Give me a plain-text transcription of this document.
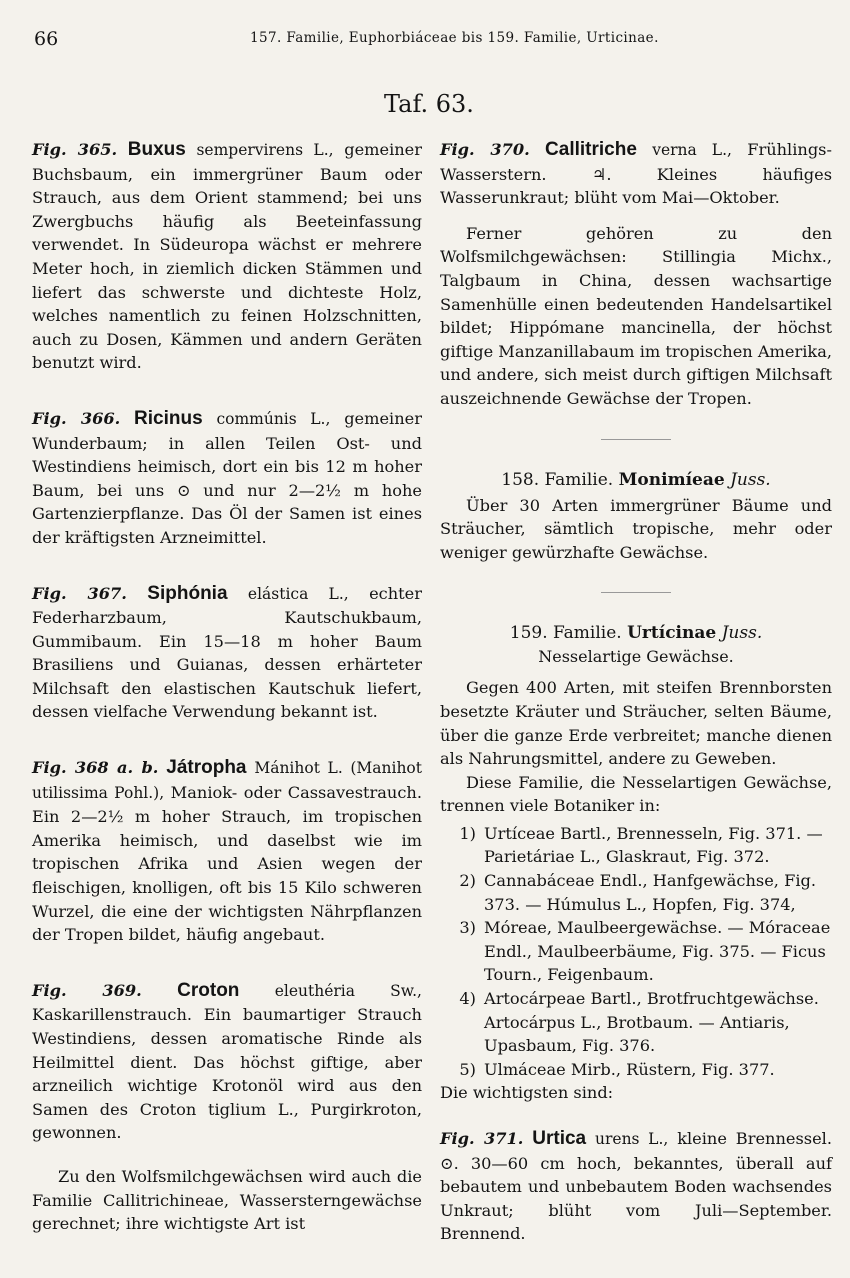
66	157. Familie, Euphorbiáceae bis 159. Familie, Urticinae.
Taf. 63.

Fig. 365. Buxus sempervirens L., gemeiner Buchsbaum, ein immergrüner Baum oder Strauch, aus dem Orient stammend; bei uns Zwergbuchs häufig als Beeteinfassung verwendet. In Südeuropa wächst er mehrere Meter hoch, in ziemlich dicken Stämmen und liefert das schwerste und dichteste Holz, welches namentlich zu feinen Holzschnitten, auch zu Dosen, Kämmen und andern Geräten benutzt wird.

Fig. 366. Ricinus commúnis L., gemeiner Wunderbaum; in allen Teilen Ost- und Westindiens heimisch, dort ein bis 12 m hoher Baum, bei uns ⊙ und nur 2—2½ m hohe Gartenzierpflanze. Das Öl der Samen ist eines der kräftigsten Arzneimittel.

Fig. 367. Siphónia elástica L., echter Federharzbaum, Kautschukbaum, Gummibaum. Ein 15—18 m hoher Baum Brasiliens und Guianas, dessen erhärteter Milchsaft den elastischen Kautschuk liefert, dessen vielfache Verwendung bekannt ist.

Fig. 368 a. b. Játropha Mánihot L. (Manihot utilissima Pohl.), Maniok- oder Cassavestrauch. Ein 2—2½ m hoher Strauch, im tropischen Amerika heimisch, und daselbst wie im tropischen Afrika und Asien wegen der fleischigen, knolligen, oft bis 15 Kilo schweren Wurzel, die eine der wichtigsten Nährpflanzen der Tropen bildet, häufig angebaut.

Fig. 369. Croton eleuthéria Sw., Kaskarillenstrauch. Ein baumartiger Strauch Westindiens, dessen aromatische Rinde als Heilmittel dient. Das höchst giftige, aber arzneilich wichtige Krotonöl wird aus den Samen des Croton tiglium L., Purgirkroton, gewonnen.

Zu den Wolfsmilchgewächsen wird auch die Familie Callitrichineae, Wassersterngewächse gerechnet; ihre wichtigste Art ist

Fig. 370. Callitriche verna L., Frühlings-Wasserstern. ♃. Kleines häufiges Wasserunkraut; blüht vom Mai—Oktober.

Ferner gehören zu den Wolfsmilchgewächsen: Stillingia Michx., Talgbaum in China, dessen wachsartige Samenhülle einen bedeutenden Handelsartikel bildet; Hippómane mancinella, der höchst giftige Manzanillabaum im tropischen Amerika, und andere, sich meist durch giftigen Milchsaft auszeichnende Gewächse der Tropen.

158. Familie. Monimíeae Juss.

Über 30 Arten immergrüner Bäume und Sträucher, sämtlich tropische, mehr oder weniger gewürzhafte Gewächse.

159. Familie. Urtícinae Juss.

Nesselartige Gewächse.

Gegen 400 Arten, mit steifen Brennborsten besetzte Kräuter und Sträucher, selten Bäume, über die ganze Erde verbreitet; manche dienen als Nahrungsmittel, andere zu Geweben.

Diese Familie, die Nesselartigen Gewächse, trennen viele Botaniker in:

1) Urtíceae Bartl., Brennesseln, Fig. 371. — Parietáriae L., Glaskraut, Fig. 372.
2) Cannabáceae Endl., Hanfgewächse, Fig. 373. — Húmulus L., Hopfen, Fig. 374,
3) Móreae, Maulbeergewächse. — Móraceae Endl., Maulbeerbäume, Fig. 375. — Ficus Tourn., Feigenbaum.
4) Artocárpeae Bartl., Brotfruchtgewächse. Artocárpus L., Brotbaum. — Antiaris, Upasbaum, Fig. 376.
5) Ulmáceae Mirb., Rüstern, Fig. 377.

Die wichtigsten sind:

Fig. 371. Urtica urens L., kleine Brennessel. ⊙. 30—60 cm hoch, bekanntes, überall auf bebautem und unbebautem Boden wachsendes Unkraut; blüht vom Juli—September. Brennend.
